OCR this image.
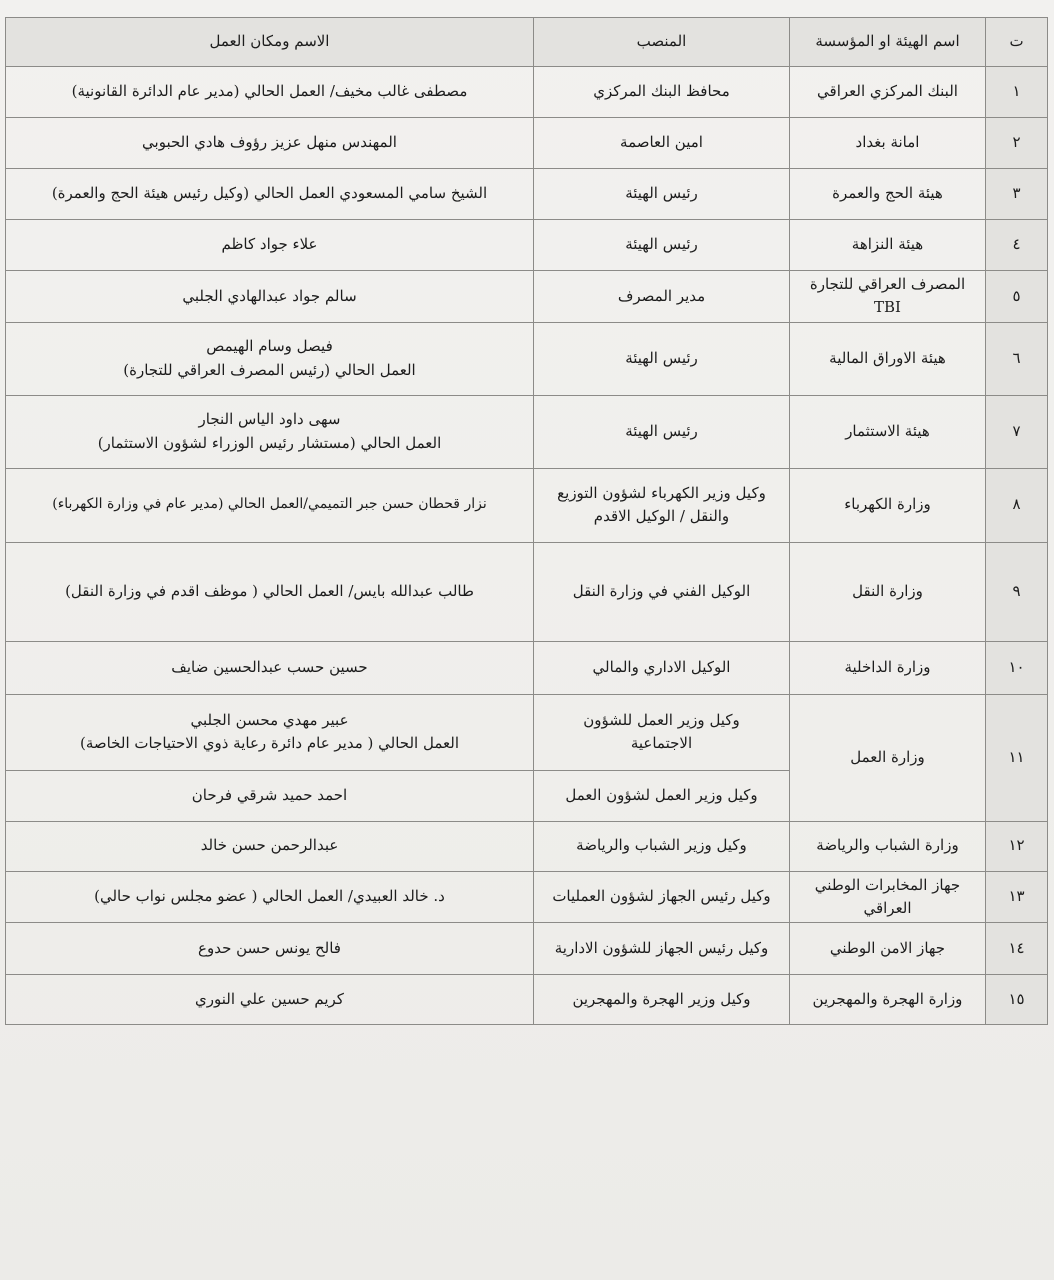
ت	اسم الهيئة او المؤسسة	المنصب	الاسم ومكان العمل
١	البنك المركزي العراقي	محافظ البنك المركزي	مصطفى غالب مخيف/ العمل الحالي (مدير عام الدائرة القانونية)

٢	امانة بغداد	امين العاصمة	المهندس منهل عزيز رؤوف هادي الحبوبي

٣	هيئة الحج والعمرة	رئيس الهيئة	الشيخ سامي المسعودي العمل الحالي (وكيل رئيس هيئة الحج والعمرة)

٤	هيئة النزاهة	رئيس الهيئة	علاء جواد كاظم

٥	المصرف العراقي للتجارة TBI	مدير المصرف	سالم جواد عبدالهادي الجلبي

٦	هيئة الاوراق المالية	رئيس الهيئة	فيصل وسام الهيمص
العمل الحالي (رئيس المصرف العراقي للتجارة)

٧	هيئة الاستثمار	رئيس الهيئة	سهى داود الياس النجار
العمل الحالي (مستشار رئيس الوزراء لشؤون الاستثمار)

٨	وزارة الكهرباء	وكيل وزير الكهرباء لشؤون التوزيع
والنقل / الوكيل الاقدم	نزار قحطان حسن جبر التميمي/العمل الحالي (مدير عام في وزارة الكهرباء)

٩	وزارة النقل	الوكيل الفني في وزارة النقل	طالب عبدالله بايس/ العمل الحالي ( موظف اقدم في وزارة النقل)

١٠	وزارة الداخلية	الوكيل الاداري والمالي	حسين حسب عبدالحسين ضايف

١١	وزارة العمل	وكيل وزير العمل للشؤون
الاجتماعية	عبير مهدي محسن الجلبي
العمل الحالي ( مدير عام دائرة رعاية ذوي الاحتياجات الخاصة)

		وكيل وزير العمل لشؤون العمل	احمد حميد شرقي فرحان

١٢	وزارة الشباب والرياضة	وكيل وزير الشباب والرياضة	عبدالرحمن حسن خالد

١٣	جهاز المخابرات الوطني العراقي	وكيل رئيس الجهاز لشؤون العمليات	د. خالد العبيدي/ العمل الحالي ( عضو مجلس نواب حالي)

١٤	جهاز الامن الوطني	وكيل رئيس الجهاز للشؤون الادارية	فالح يونس حسن حدوع

١٥	وزارة الهجرة والمهجرين	وكيل وزير الهجرة والمهجرين	كريم حسين علي النوري
